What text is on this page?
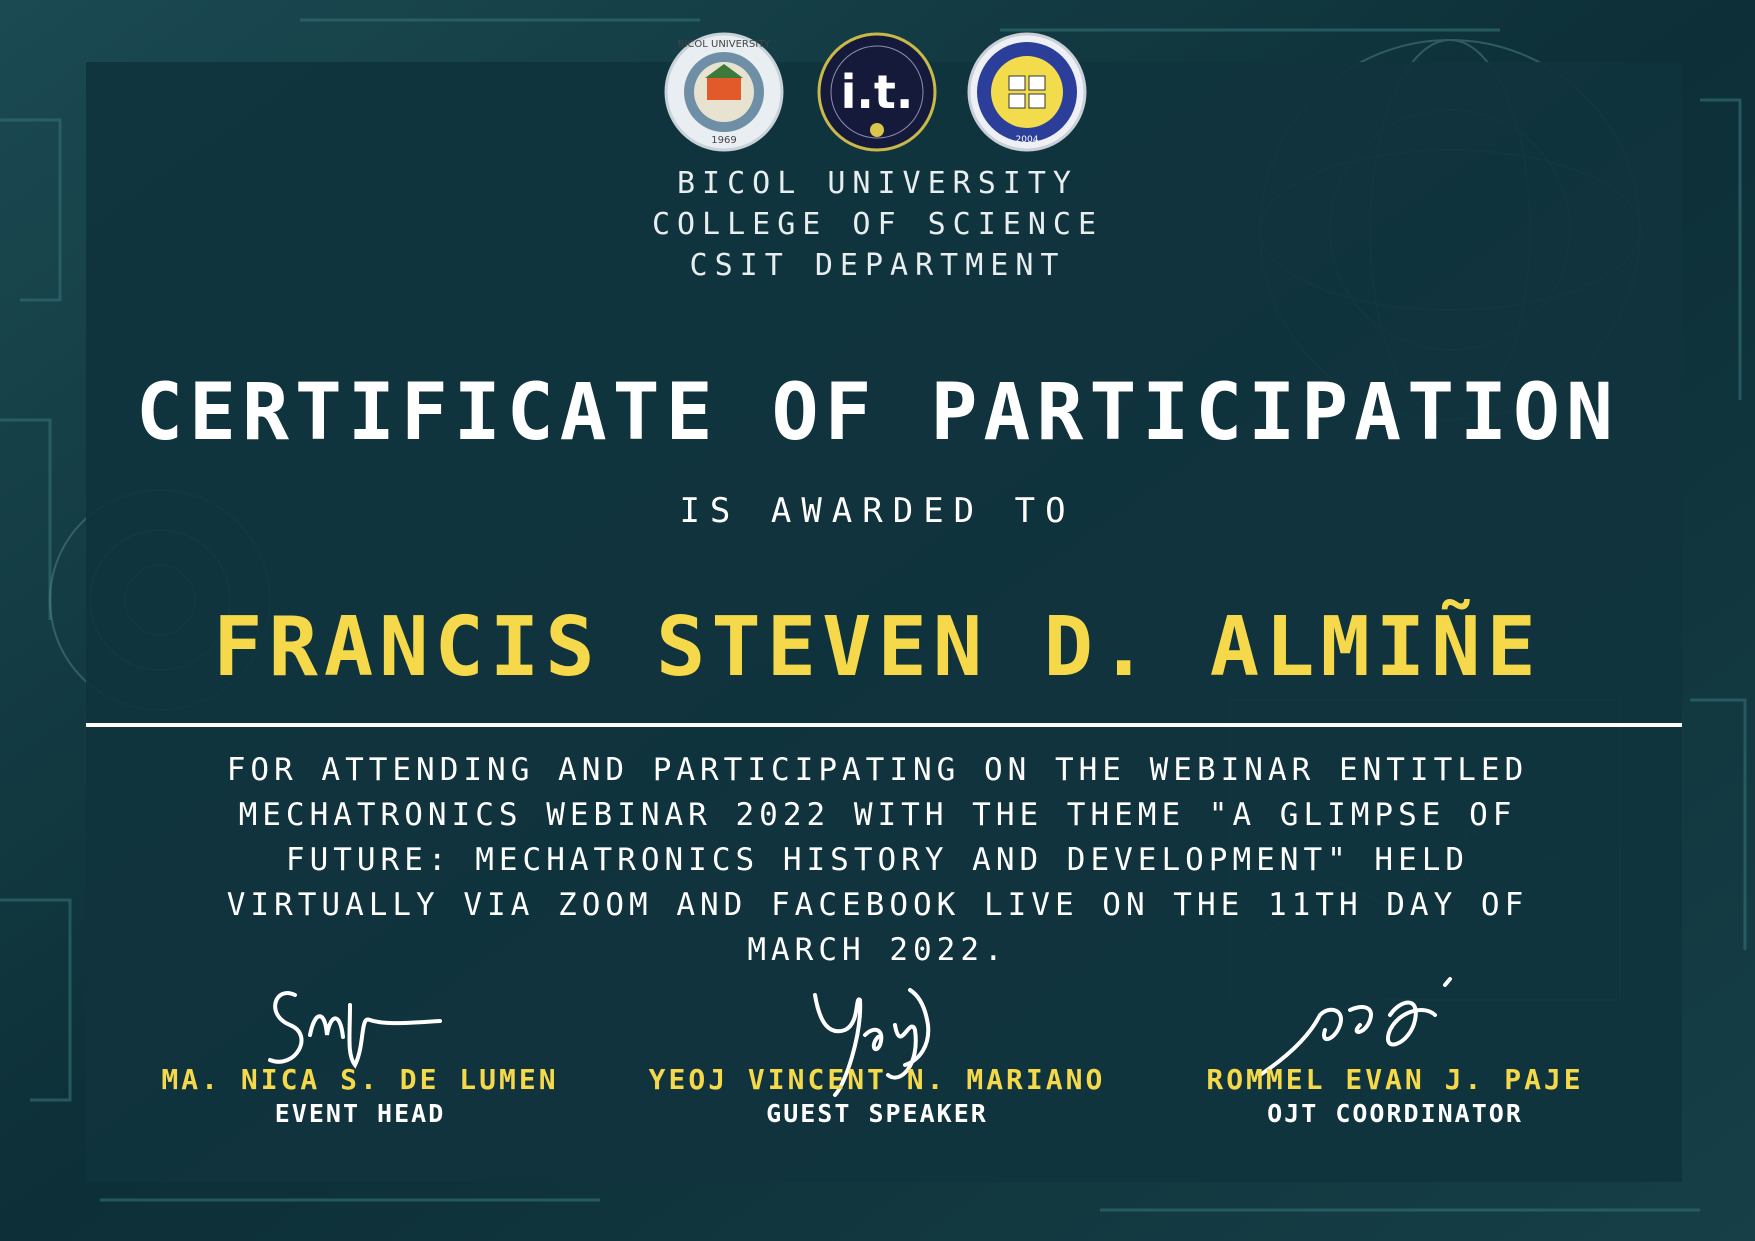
BICOL UNIVERSITY
1969
i.t.
2004
BICOL UNIVERSITY
COLLEGE OF SCIENCE
CSIT DEPARTMENT
CERTIFICATE OF PARTICIPATION
IS AWARDED TO
FRANCIS STEVEN D. ALMIÑE
FOR ATTENDING AND PARTICIPATING ON THE WEBINAR ENTITLED
MECHATRONICS WEBINAR 2022 WITH THE THEME "A GLIMPSE OF
FUTURE: MECHATRONICS HISTORY AND DEVELOPMENT" HELD
VIRTUALLY VIA ZOOM AND FACEBOOK LIVE ON THE 11TH DAY OF
MARCH 2022.
MA. NICA S. DE LUMEN
EVENT HEAD
YEOJ VINCENT N. MARIANO
GUEST SPEAKER
ROMMEL EVAN J. PAJE
OJT COORDINATOR
